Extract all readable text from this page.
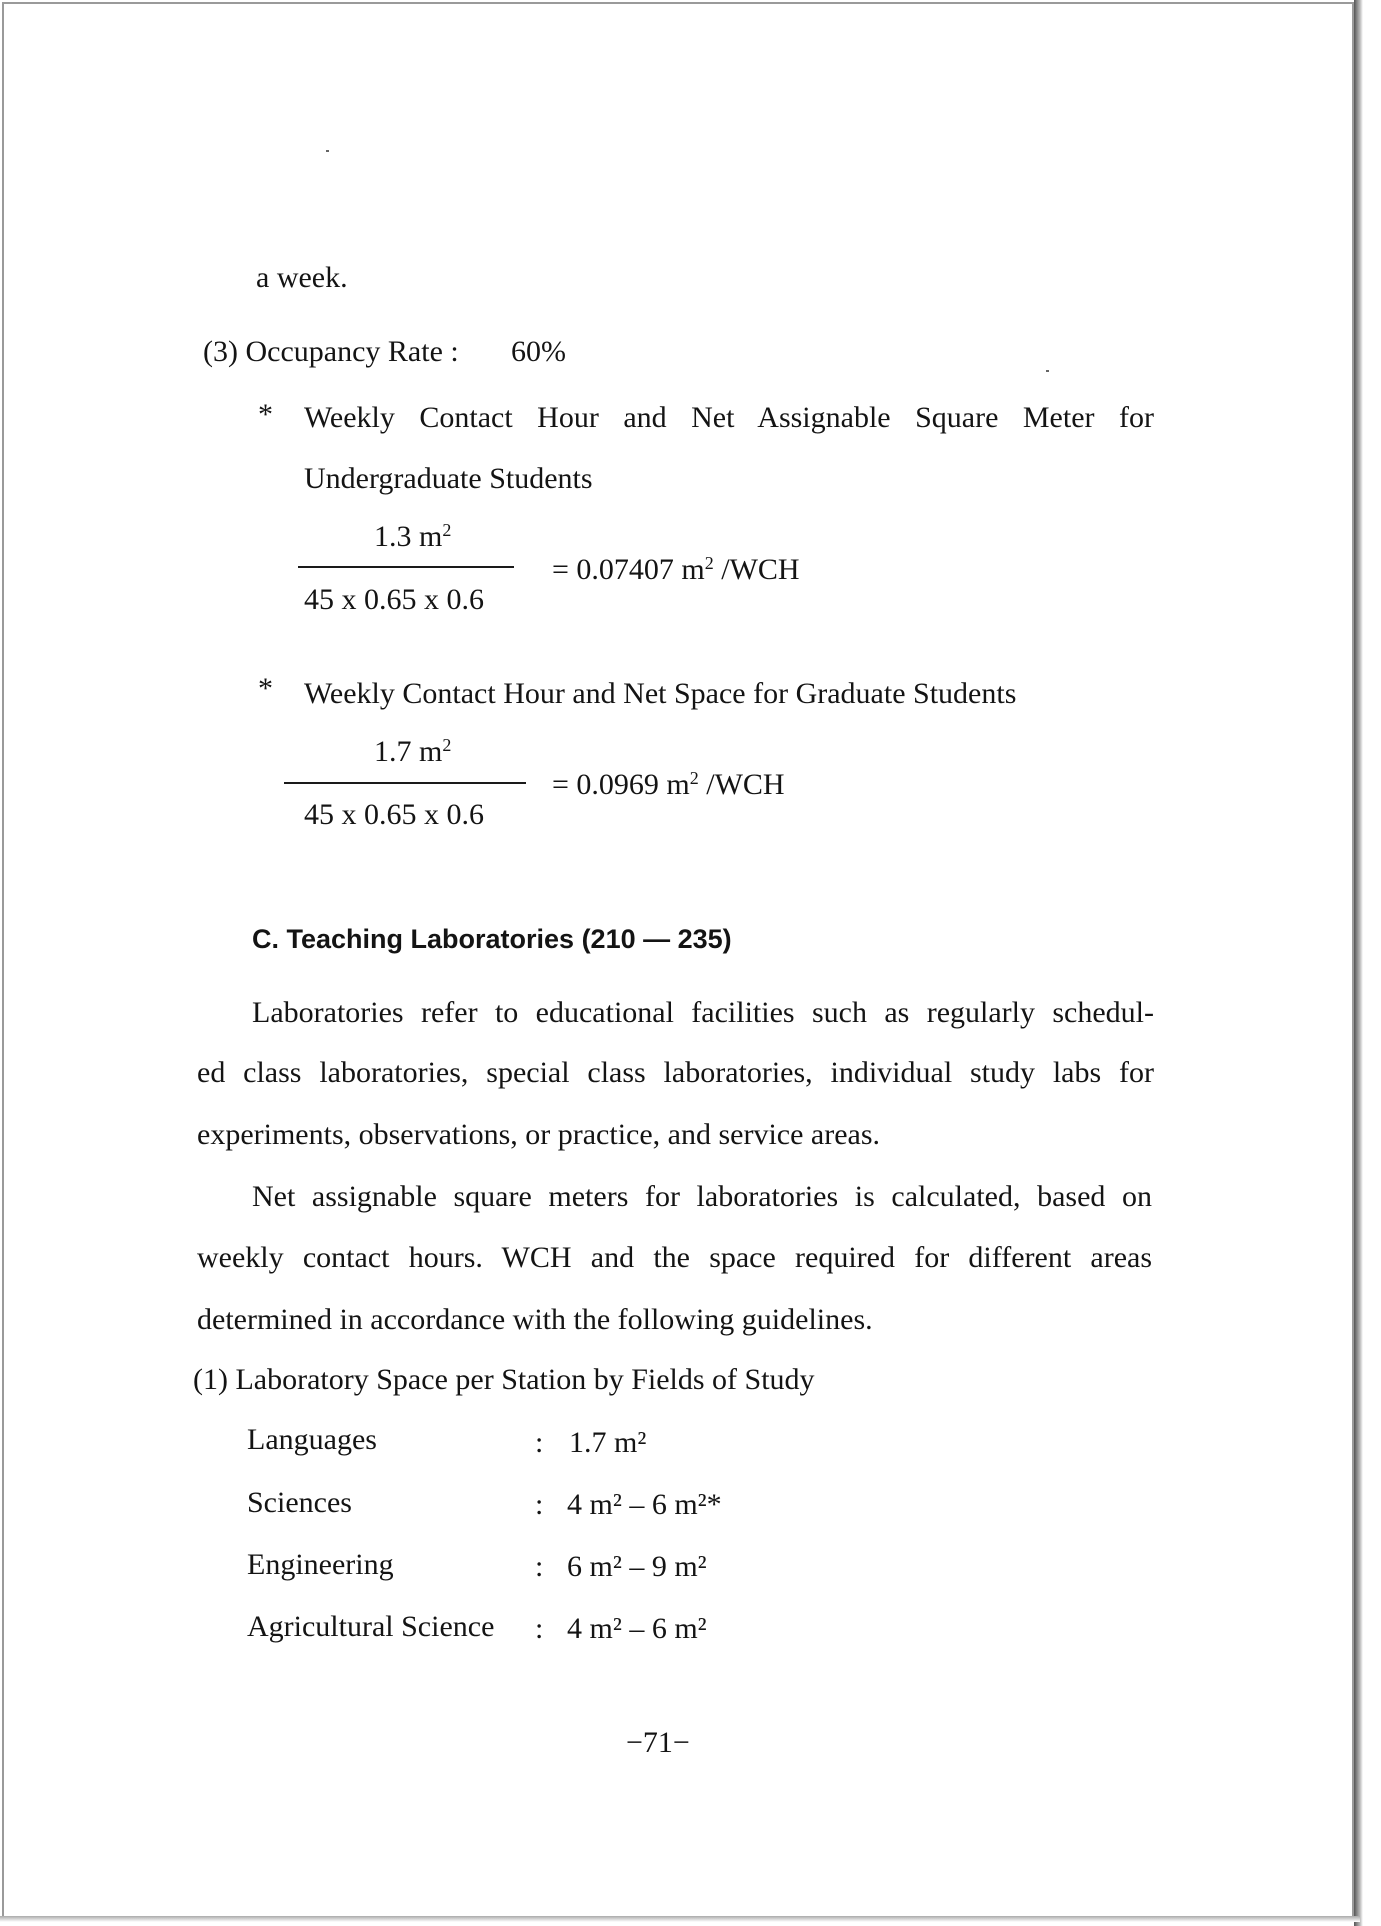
a week.
(3) Occupancy Rate : 60%
* Weekly Contact Hour and Net Assignable Square Meter for
Undergraduate Students
1.3 $m^2$
45 x 0.65 x 0.6
= 0.07407 $m^2$ /WCH
* Weekly Contact Hour and Net Space for Graduate Students
1.7 $m^2$
45 x 0.65 x 0.6
= 0.0969 $m^2$ /WCH
C. Teaching Laboratories (210 — 235)
Laboratories refer to educational facilities such as regularly schedul-
ed class laboratories, special class laboratories, individual study labs for
experiments, observations, or practice, and service areas.
Net assignable square meters for laboratories is calculated, based on
weekly contact hours. WCH and the space required for different areas
determined in accordance with the following guidelines.
(1) Laboratory Space per Station by Fields of Study
Languages	: 1.7 m²
Sciences	: 4 m² – 6 m²*
Engineering	: 6 m² – 9 m²
Agricultural Science : 4 m² – 6 m²
−71−
